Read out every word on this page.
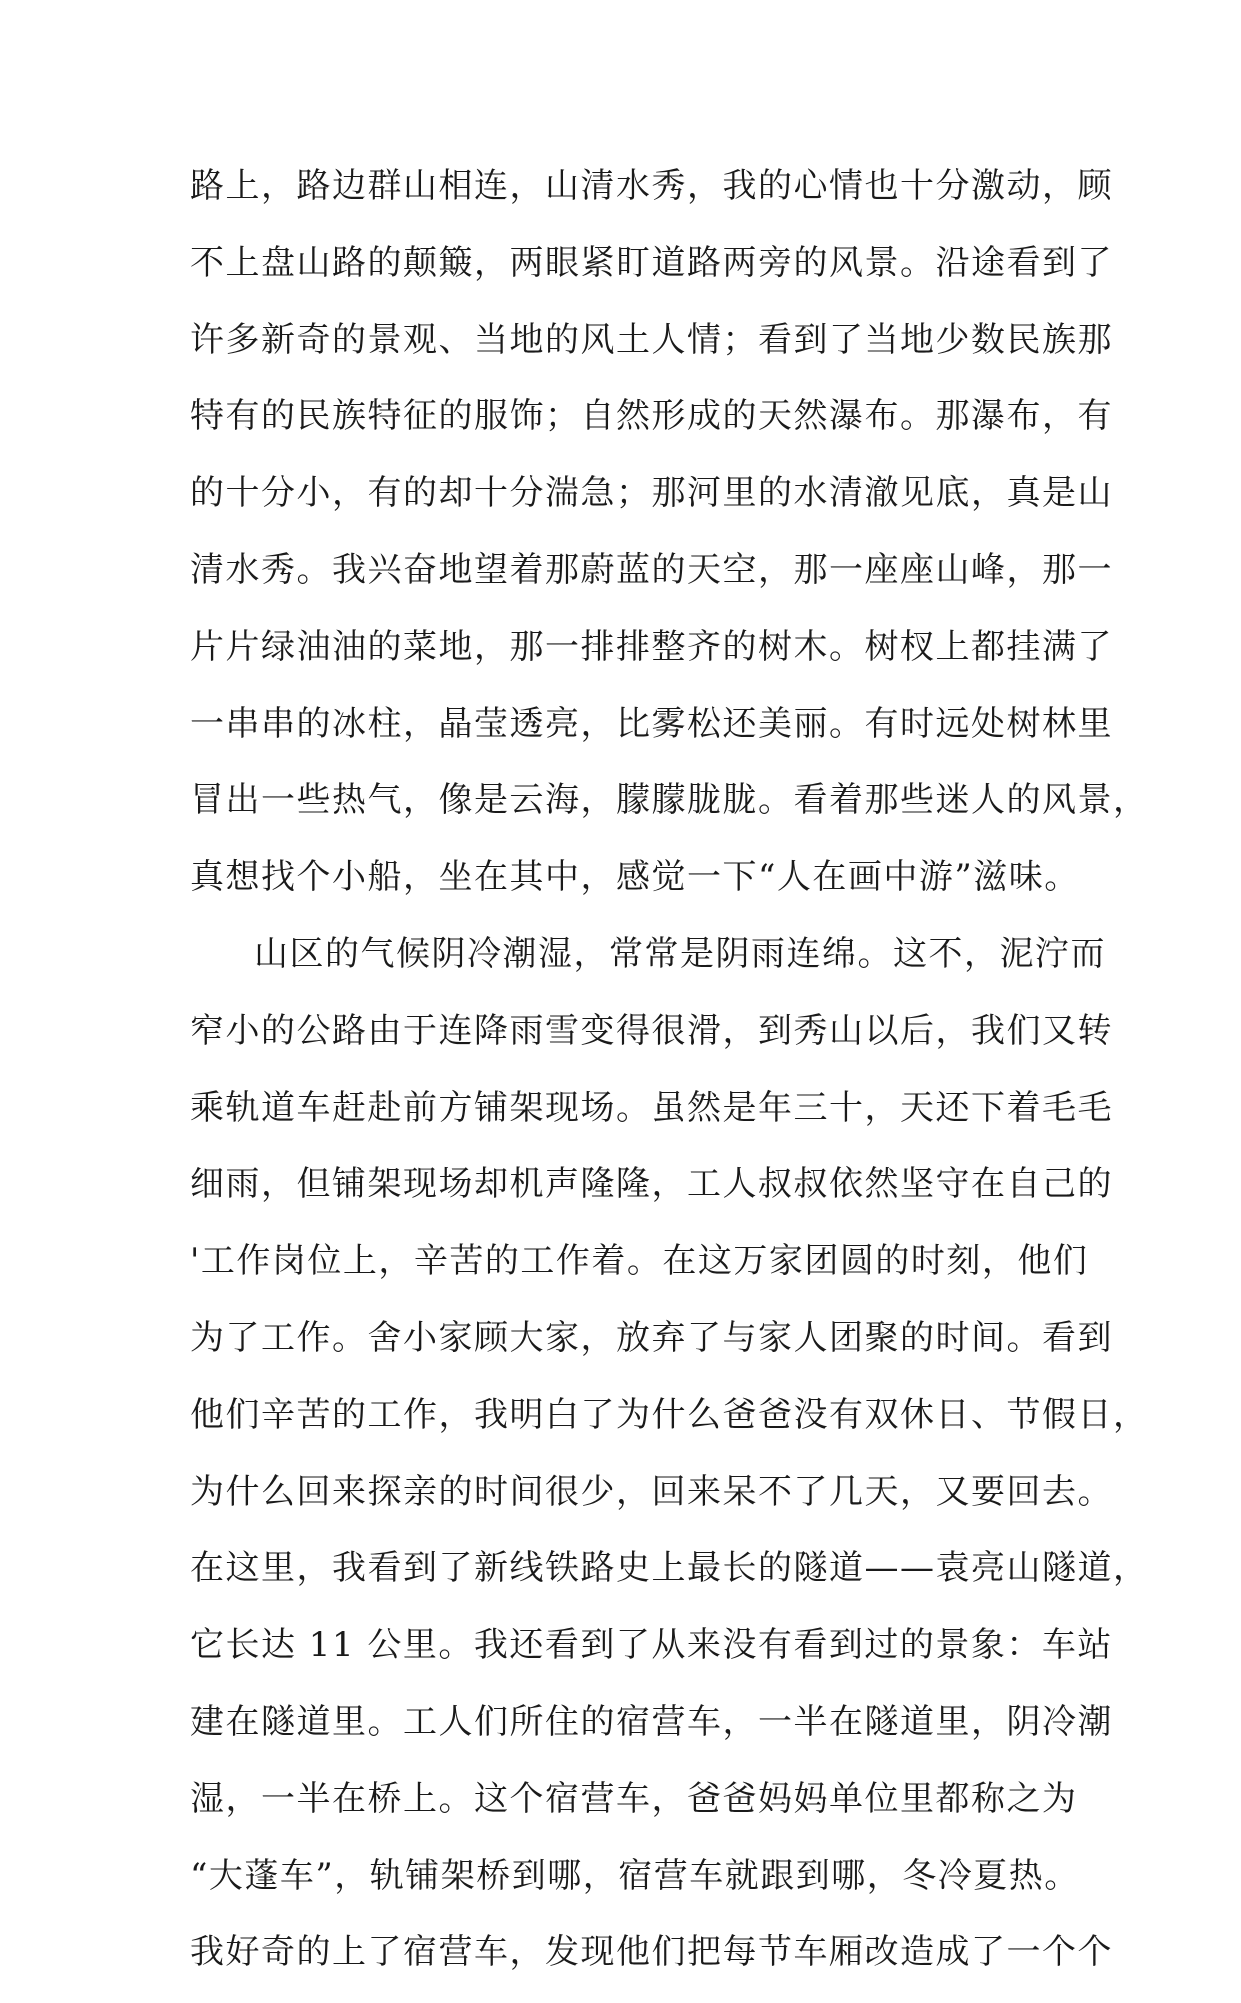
路上，路边群山相连，山清水秀，我的心情也十分激动，顾
不上盘山路的颠簸，两眼紧盯道路两旁的风景。沿途看到了
许多新奇的景观、当地的风土人情；看到了当地少数民族那
特有的民族特征的服饰；自然形成的天然瀑布。那瀑布，有
的十分小，有的却十分湍急；那河里的水清澈见底，真是山
清水秀。我兴奋地望着那蔚蓝的天空，那一座座山峰，那一
片片绿油油的菜地，那一排排整齐的树木。树杈上都挂满了
一串串的冰柱，晶莹透亮，比雾松还美丽。有时远处树林里
冒出一些热气，像是云海，朦朦胧胧。看着那些迷人的风景，
真想找个小船，坐在其中，感觉一下“人在画中游”滋味。
山区的气候阴冷潮湿，常常是阴雨连绵。这不，泥泞而
窄小的公路由于连降雨雪变得很滑，到秀山以后，我们又转
乘轨道车赶赴前方铺架现场。虽然是年三十，天还下着毛毛
细雨，但铺架现场却机声隆隆，工人叔叔依然坚守在自己的
'工作岗位上，辛苦的工作着。在这万家团圆的时刻，他们
为了工作。舍小家顾大家，放弃了与家人团聚的时间。看到
他们辛苦的工作，我明白了为什么爸爸没有双休日、节假日，
为什么回来探亲的时间很少，回来呆不了几天，又要回去。
在这里，我看到了新线铁路史上最长的隧道——袁亮山隧道，
它长达 11 公里。我还看到了从来没有看到过的景象：车站
建在隧道里。工人们所住的宿营车，一半在隧道里，阴冷潮
湿，一半在桥上。这个宿营车，爸爸妈妈单位里都称之为
“大蓬车”，轨铺架桥到哪，宿营车就跟到哪，冬冷夏热。
我好奇的上了宿营车，发现他们把每节车厢改造成了一个个
